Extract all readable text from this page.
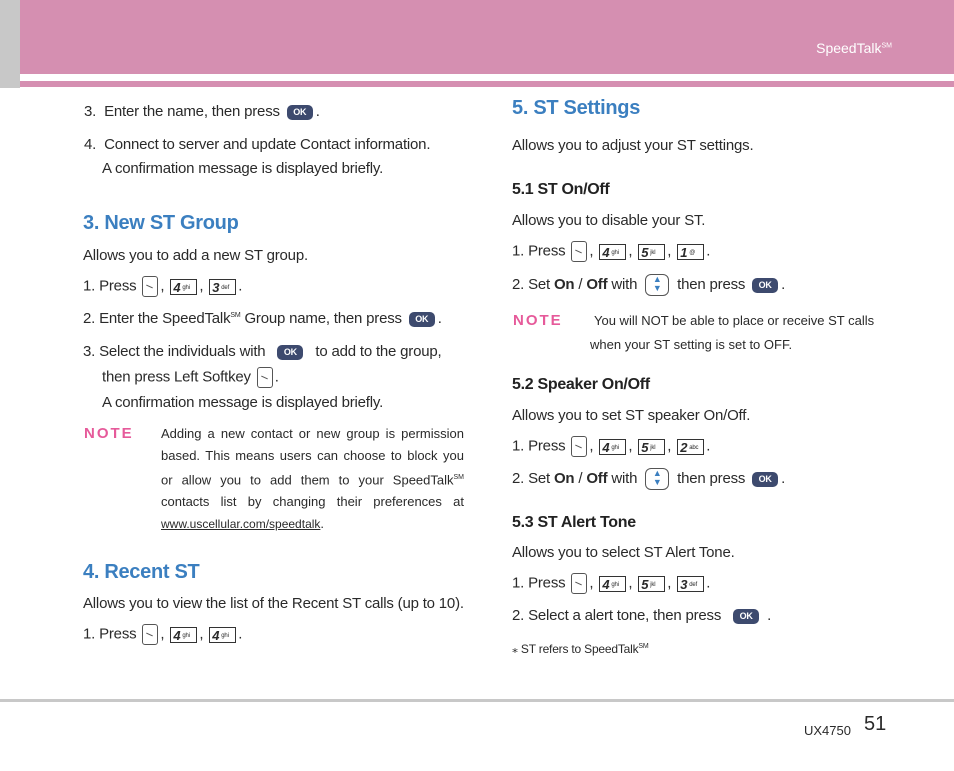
SpeedTalk℠
3. Enter the name, then press OK .
4. Connect to server and update Contact information.
A confirmation message is displayed briefly.
3. New ST Group
Allows you to add a new ST group.
1. Press , 4 $^{ghi}$ , 3 $^{def}$ .
2. Enter the SpeedTalk℠ Group name, then press OK .
3. Select the individuals with OK to add to the group,
then press Left Softkey .
A confirmation message is displayed briefly.
NOTE Adding a new contact or new group is permission
based. This means users can choose to block you
or allow you to add them to your SpeedTalk℠
contacts list by changing their preferences at
www.uscellular.com/speedtalk.
4. Recent ST
Allows you to view the list of the Recent ST calls (up to 10).
1. Press , 4 $^{ghi}$ , 4 $^{ghi}$ .
5. ST Settings
Allows you to adjust your ST settings.
5.1 ST On/Off
Allows you to disable your ST.
1. Press , 4 $^{ghi}$ , 5 $^{jkl}$ , 1 @ .
2. Set On / Off with ▲
▼ then press OK .
NOTE You will NOT be able to place or receive ST calls
when your ST setting is set to OFF.
5.2 Speaker On/Off
Allows you to set ST speaker On/Off.
1. Press , 4 $^{ghi}$ , 5 $^{jkl}$ , 2 $^{abc}$ .
2. Set On / Off with ▲
▼ then press OK .
5.3 ST Alert Tone
Allows you to select ST Alert Tone.
1. Press , 4 $^{ghi}$ , 5 $^{jkl}$ , 3 $^{def}$ .
2. Select a alert tone, then press OK .
⁎ ST refers to SpeedTalk℠
UX4750 51
